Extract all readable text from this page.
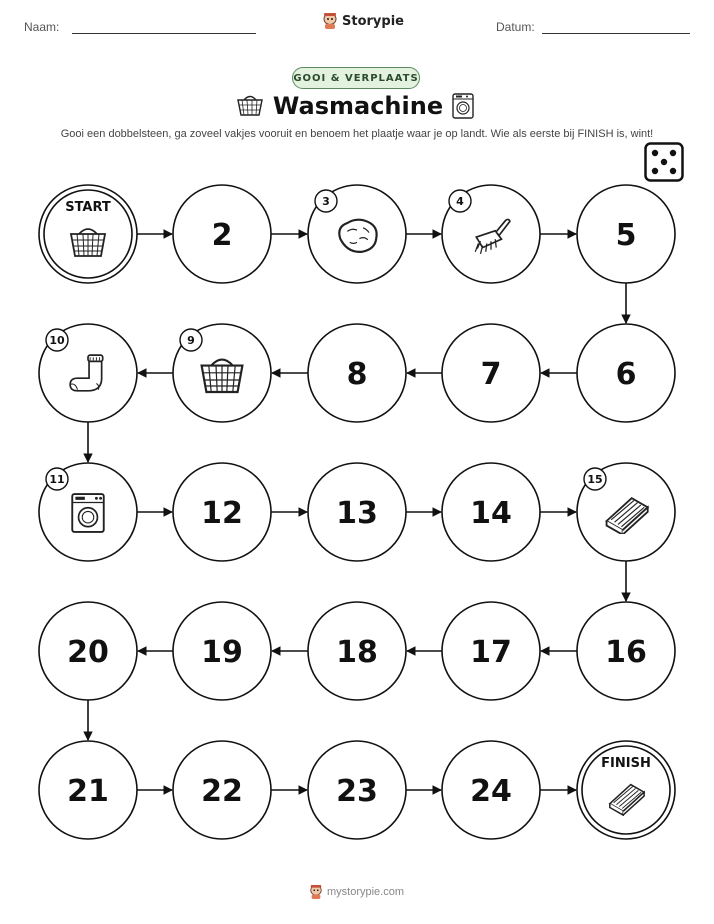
Naam:	Storypie	Datum:
GOOI & VERPLAATS
Wasmachine
Gooi een dobbelsteen, ga zoveel vakjes vooruit en benoem het plaatje waar je op landt. Wie als eerste bij FINISH is, wint!
START
2
3	4
5
6
7
8
9
10
11
12	13	14
15
16
17
18
19
20
21	22	23	24
FINISH
mystorypie.com
